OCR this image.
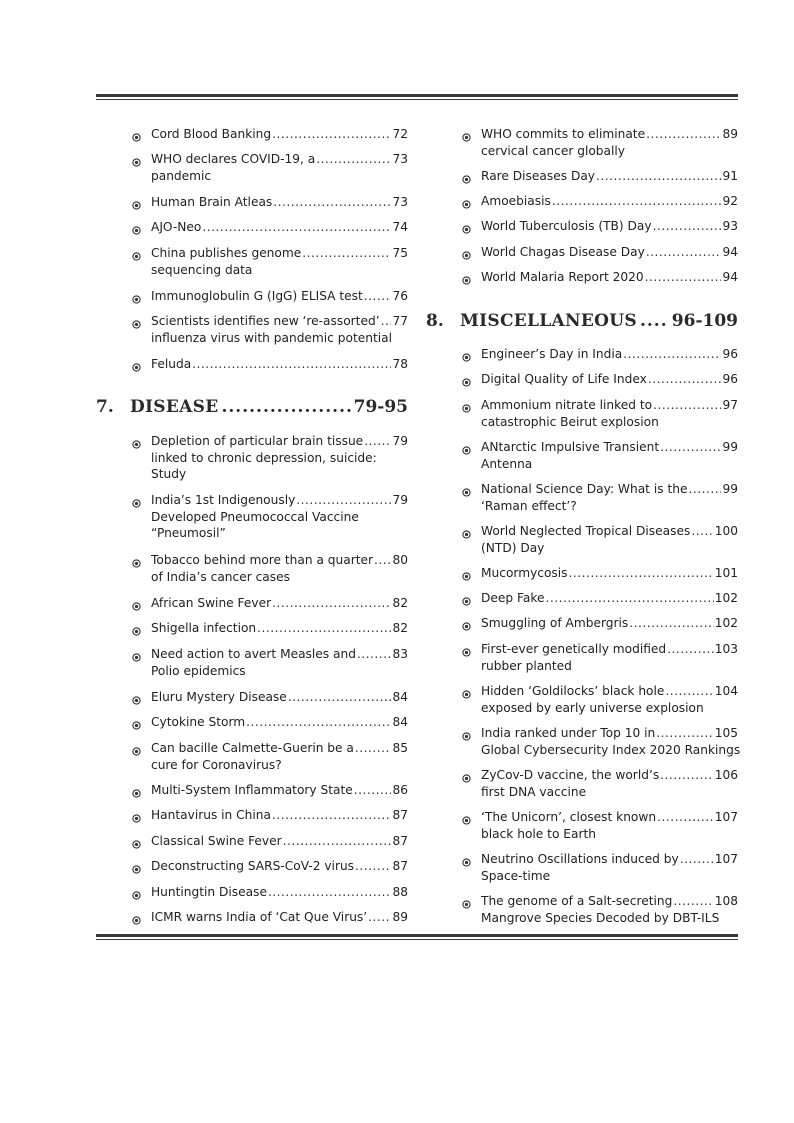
Cord Blood Banking .....	72
WHO declares COVID-19, a .....	73
pandemic
Human Brain Atleas .....	73
AJO-Neo .....	74
China publishes genome .....	75
sequencing data
Immunoglobulin G (IgG) ELISA test ..... 76
Scientists identifies new ‘re-assorted’ ..... 77
influenza virus with pandemic potential
Feluda .....	78
7. DISEASE .....	79-95
Depletion of particular brain tissue ..... 79
linked to chronic depression, suicide:
Study
India’s 1st Indigenously .....	79
Developed Pneumococcal Vaccine
“Pneumosil”
Tobacco behind more than a quarter ..... 80
of India’s cancer cases
African Swine Fever .....	82
Shigella infection .....	82
Need action to avert Measles and .....	83
Polio epidemics
Eluru Mystery Disease .....	84
Cytokine Storm .....	84
Can bacille Calmette-Guerin be a .....	85
cure for Coronavirus?
Multi-System Inflammatory State .....	86
Hantavirus in China .....	87
Classical Swine Fever .....	87
Deconstructing SARS-CoV-2 virus .....	87
Huntingtin Disease .....	88
ICMR warns India of ‘Cat Que Virus’ ..... 89
WHO commits to eliminate .....	89
cervical cancer globally
Rare Diseases Day .....	91
Amoebiasis .....	92
World Tuberculosis (TB) Day .....	93
World Chagas Disease Day .....	94
World Malaria Report 2020 .....	94
8. MISCELLANEOUS ..... 96-109
Engineer’s Day in India .....	96
Digital Quality of Life Index .....	96
Ammonium nitrate linked to .....	97
catastrophic Beirut explosion
ANtarctic Impulsive Transient .....	99
Antenna
National Science Day: What is the .....	99
‘Raman effect’?
World Neglected Tropical Diseases ..... 100
(NTD) Day
Mucormycosis .....	101
Deep Fake .....	102
Smuggling of Ambergris .....	102
First-ever genetically modified .....	103
rubber planted
Hidden ‘Goldilocks’ black hole .....	104
exposed by early universe explosion
India ranked under Top 10 in .....	105
Global Cybersecurity Index 2020 Rankings
ZyCov-D vaccine, the world’s .....	106
first DNA vaccine
‘The Unicorn’, closest known .....	107
black hole to Earth
Neutrino Oscillations induced by .....	107
Space-time
The genome of a Salt-secreting .....	108
Mangrove Species Decoded by DBT-ILS
